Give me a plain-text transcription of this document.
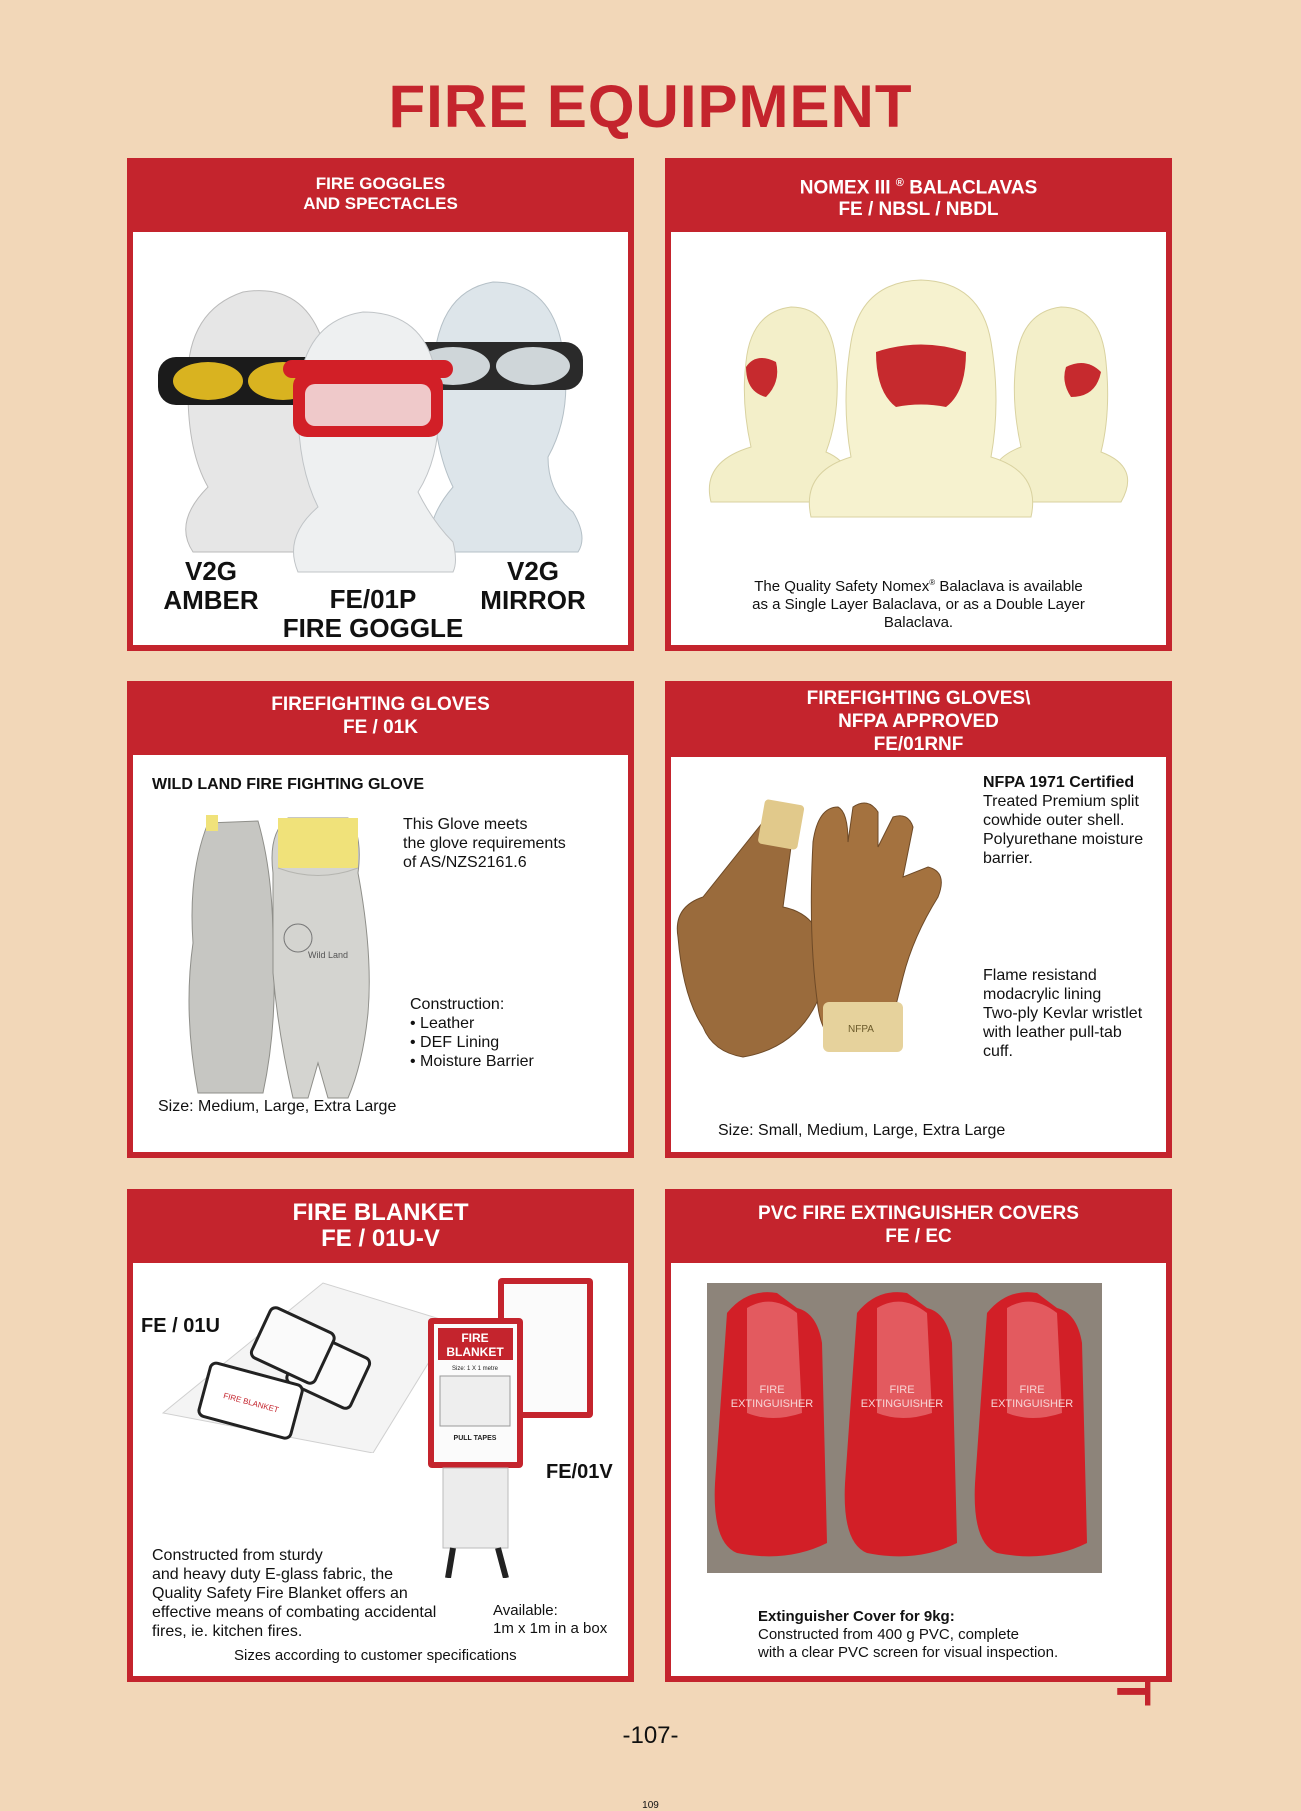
FIRE EQUIPMENT
FIRE GOGGLES
AND SPECTACLES
V2G
AMBER	FE/01P
FIRE GOGGLE
V2G
MIRROR
NOMEX III ® BALACLAVAS
FE / NBSL / NBDL
The Quality Safety Nomex® Balaclava is available
as a Single Layer Balaclava, or as a Double Layer
Balaclava.
FIREFIGHTING GLOVES
FE / 01K
WILD LAND FIRE FIGHTING GLOVE
Wild Land
This Glove meets
the glove requirements
of AS/NZS2161.6
Construction:
• Leather
• DEF Lining
• Moisture Barrier
Size: Medium, Large, Extra Large
FIREFIGHTING GLOVES\
NFPA APPROVED
FE/01RNF
NFPA
NFPA 1971 Certified
Treated Premium split
cowhide outer shell.
Polyurethane moisture
barrier.
Flame resistand
modacrylic lining
Two-ply Kevlar wristlet
with leather pull-tab
cuff.
Size: Small, Medium, Large, Extra Large
FIRE BLANKET
FE / 01U-V
FIRE BLANKET
FE / 01U
FIRE
BLANKET
Size: 1 X 1 metre
PULL TAPES
FE/01V
Constructed from sturdy
and heavy duty E-glass fabric, the
Quality Safety Fire Blanket offers an
effective means of combating accidental
fires, ie. kitchen fires.
Available:
1m x 1m in a box
Sizes according to customer specifications
PVC FIRE EXTINGUISHER COVERS
FE / EC
FIRE
EXTINGUISHER
FIRE
EXTINGUISHER
FIRE
EXTINGUISHER
Extinguisher Cover for 9kg:
Constructed from 400 g PVC, complete
with a clear PVC screen for visual inspection.
-107-
109
